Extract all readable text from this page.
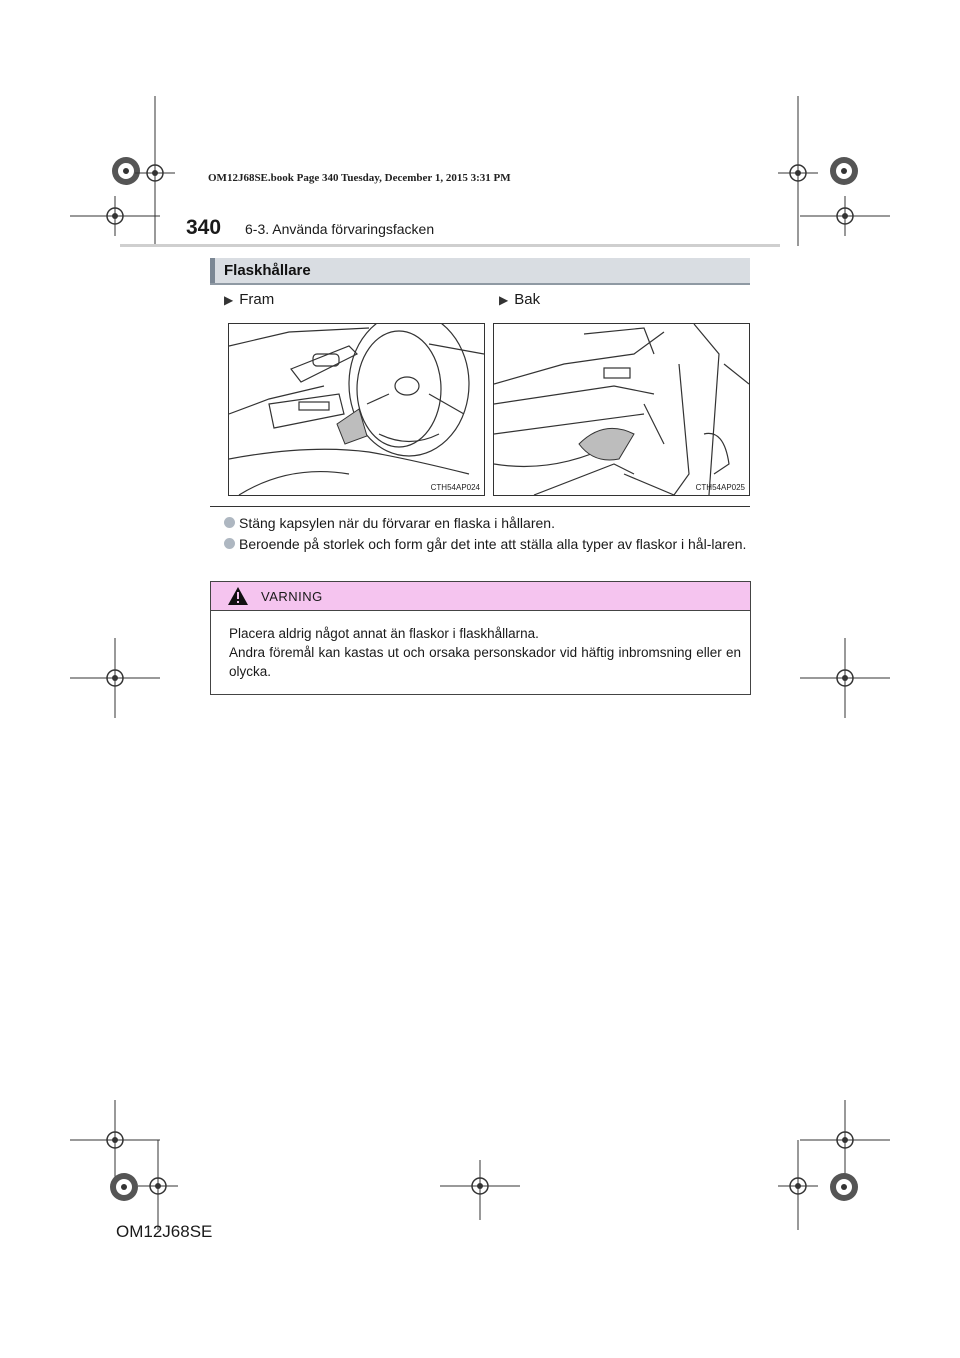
OM12J68SE.book Page 340 Tuesday, December 1, 2015 3:31 PM
340 6-3. Använda förvaringsfacken
Flaskhållare
▶ Fram	▶ Bak
CTH54AP024	CTH54AP025
Stäng kapsylen när du förvarar en flaska i hållaren.
Beroende på storlek och form går det inte att ställa alla typer av flaskor i hål-laren.
VARNING
Placera aldrig något annat än flaskor i flaskhållarna.
Andra föremål kan kastas ut och orsaka personskador vid häftig inbromsning eller en olycka.
OM12J68SE
